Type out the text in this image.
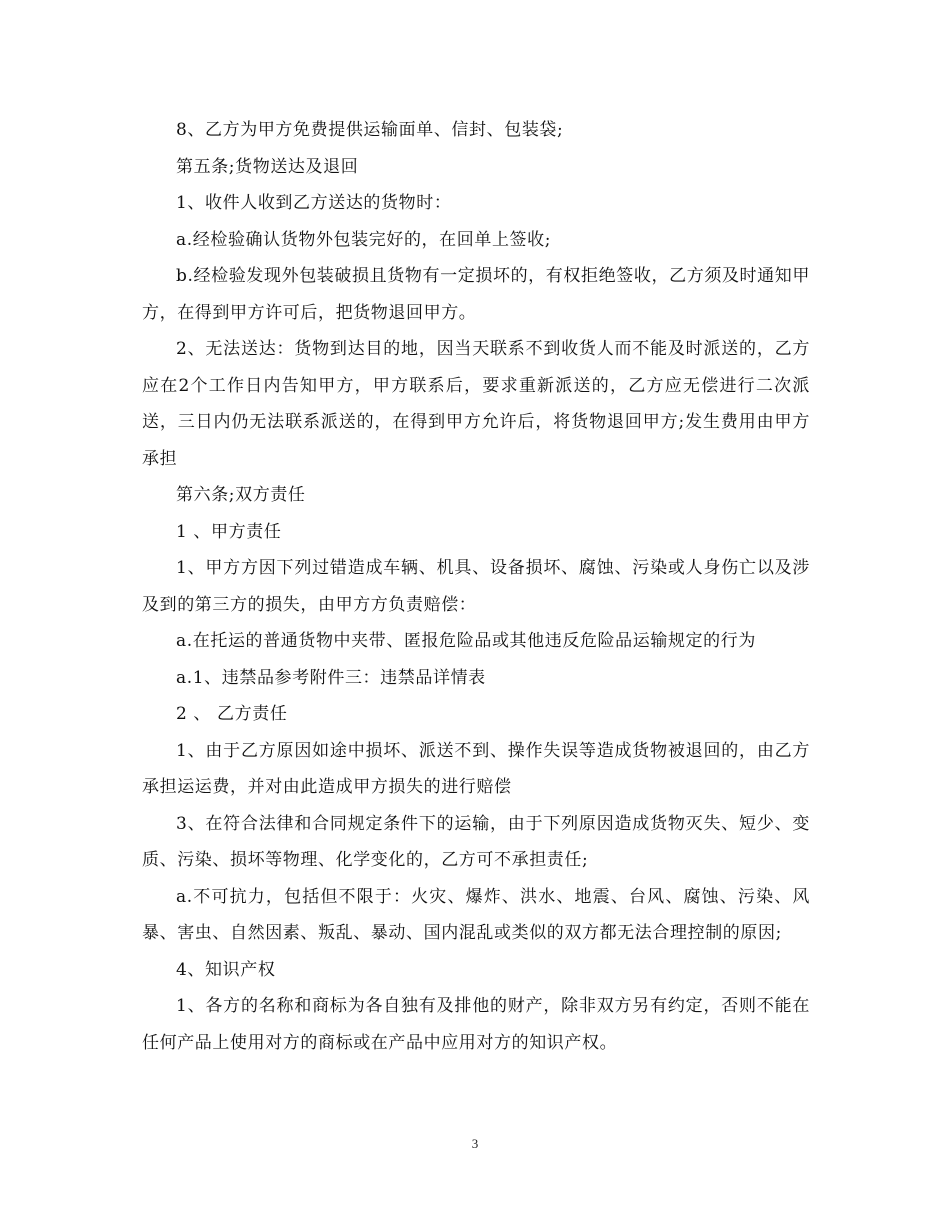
8、乙方为甲方免费提供运输面单、信封、包装袋;

第五条;货物送达及退回

1、收件人收到乙方送达的货物时：

a.经检验确认货物外包装完好的，在回单上签收;

b.经检验发现外包装破损且货物有一定损坏的，有权拒绝签收，乙方须及时通知甲方，在得到甲方许可后，把货物退回甲方。

2、无法送达：货物到达目的地，因当天联系不到收货人而不能及时派送的，乙方应在2个工作日内告知甲方，甲方联系后，要求重新派送的，乙方应无偿进行二次派送，三日内仍无法联系派送的，在得到甲方允许后，将货物退回甲方;发生费用由甲方承担

第六条;双方责任

1 、甲方责任

1、甲方方因下列过错造成车辆、机具、设备损坏、腐蚀、污染或人身伤亡以及涉及到的第三方的损失，由甲方方负责赔偿：

a.在托运的普通货物中夹带、匿报危险品或其他违反危险品运输规定的行为

a.1、违禁品参考附件三：违禁品详情表

2 、 乙方责任

1、由于乙方原因如途中损坏、派送不到、操作失误等造成货物被退回的，由乙方承担运运费，并对由此造成甲方损失的进行赔偿

3、在符合法律和合同规定条件下的运输，由于下列原因造成货物灭失、短少、变质、污染、损坏等物理、化学变化的，乙方可不承担责任;

a.不可抗力，包括但不限于：火灾、爆炸、洪水、地震、台风、腐蚀、污染、风暴、害虫、自然因素、叛乱、暴动、国内混乱或类似的双方都无法合理控制的原因;

4、知识产权

1、各方的名称和商标为各自独有及排他的财产，除非双方另有约定，否则不能在任何产品上使用对方的商标或在产品中应用对方的知识产权。

3
